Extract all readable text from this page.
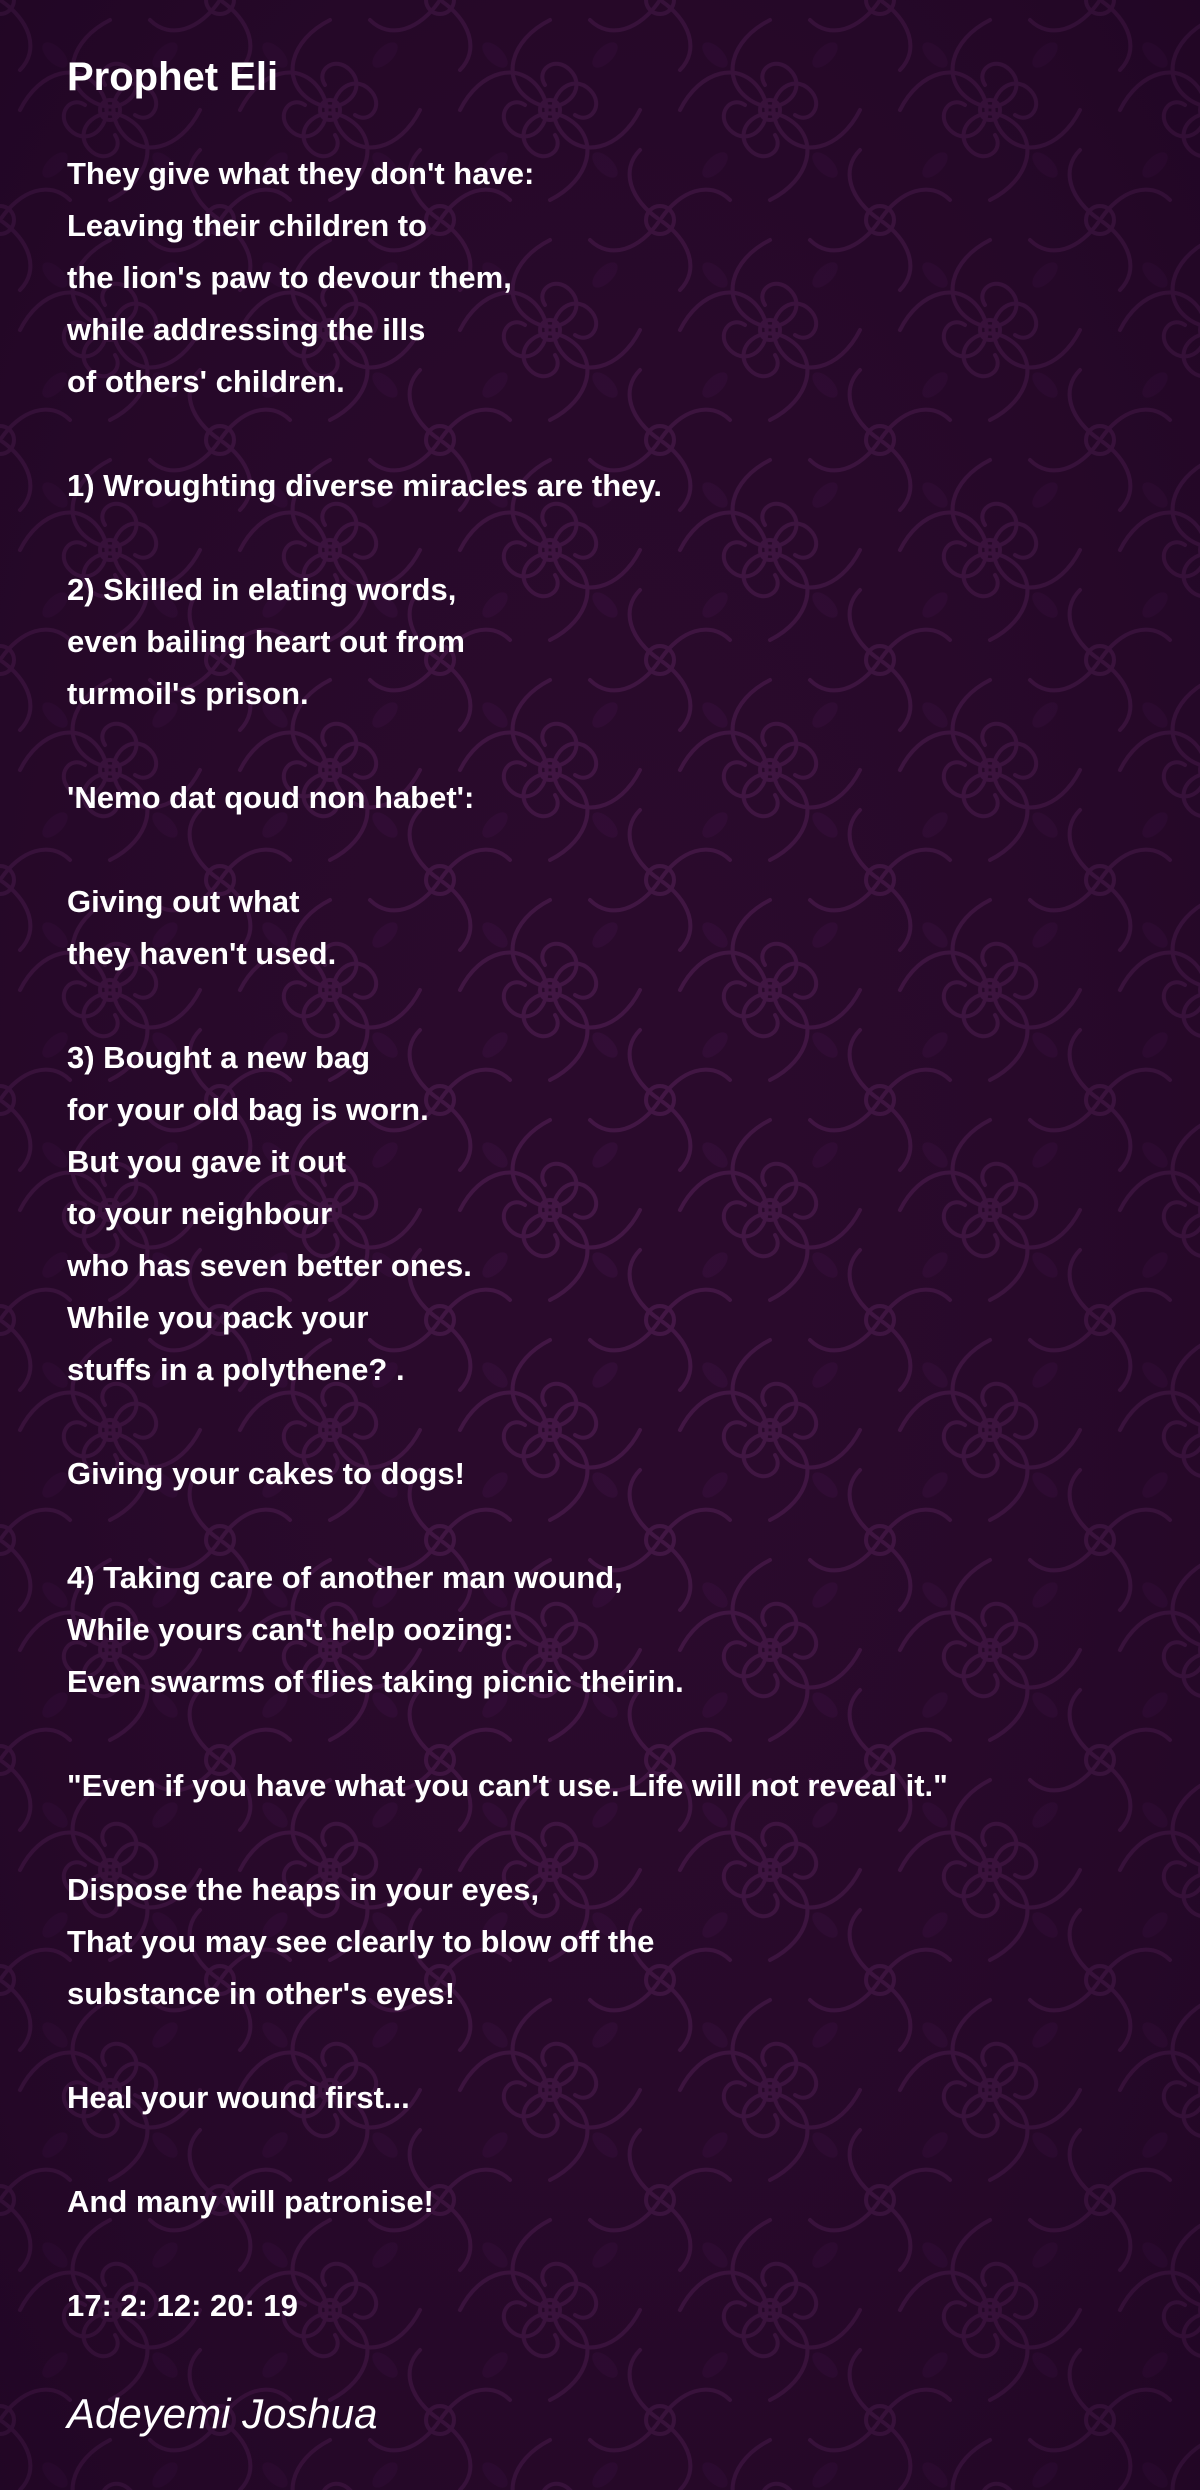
Prophet Eli
They give what they don't have:
Leaving their children to
the lion's paw to devour them,
while addressing the ills
of others' children.
1) Wroughting diverse miracles are they.
2) Skilled in elating words,
even bailing heart out from
turmoil's prison.
'Nemo dat qoud non habet':
Giving out what
they haven't used.
3) Bought a new bag
for your old bag is worn.
But you gave it out
to your neighbour
who has seven better ones.
While you pack your
stuffs in a polythene? .
Giving your cakes to dogs!
4) Taking care of another man wound,
While yours can't help oozing:
Even swarms of flies taking picnic theirin.
"Even if you have what you can't use. Life will not reveal it."
Dispose the heaps in your eyes,
That you may see clearly to blow off the
substance in other's eyes!
Heal your wound first...
And many will patronise!
17: 2: 12: 20: 19
Adeyemi Joshua
